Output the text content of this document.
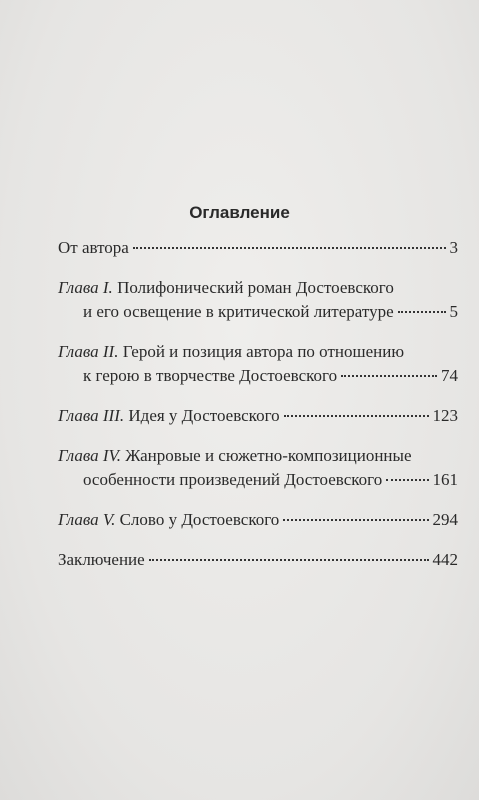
Оглавление
От автора	3
Глава I. Полифонический роман Достоевского
и его освещение в критической литературе	5
Глава II. Герой и позиция автора по отношению
к герою в творчестве Достоевского	74
Глава III. Идея у Достоевского	123
Глава IV. Жанровые и сюжетно-композиционные
особенности произведений Достоевского	161
Глава V. Слово у Достоевского	294
Заключение	442
